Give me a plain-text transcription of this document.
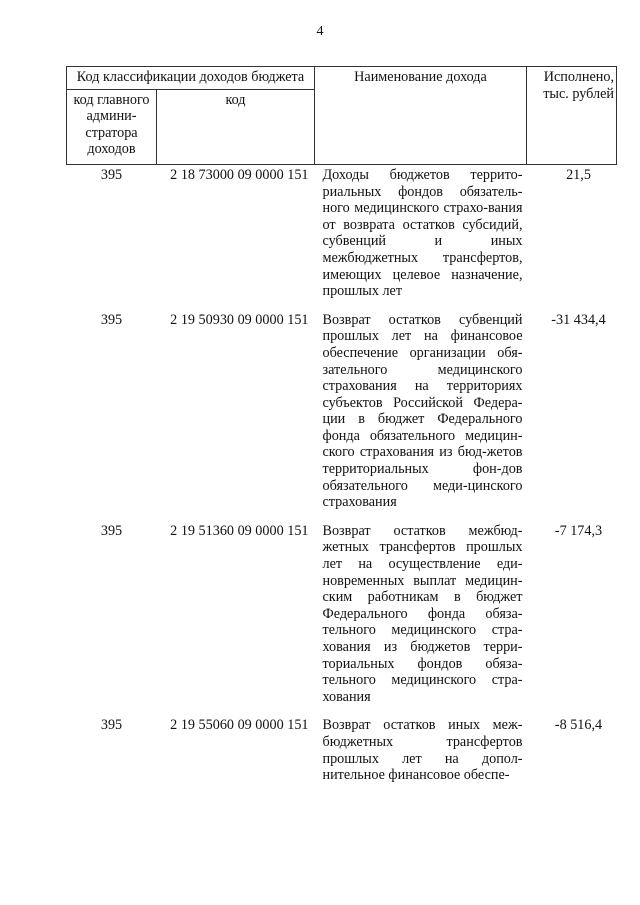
4
Код классификации доходов бюджета		Наименование дохода	Исполнено, тыс. рублей
код главного админи-стратора доходов	код		
395	2 18 73000 09 0000 151	Доходы бюджетов террито-риальных фондов обязатель-ного медицинского страхо-вания от возврата остатков субсидий, субвенций и иных межбюджетных трансфертов, имеющих целевое назначение, прошлых лет	21,5
395	2 19 50930 09 0000 151	Возврат остатков субвенций прошлых лет на финансовое обеспечение организации обя-зательного медицинского страхования на территориях субъектов Российской Федера-ции в бюджет Федерального фонда обязательного медицин-ского страхования из бюд-жетов территориальных фон-дов обязательного меди-цинского страхования	-31 434,4
395	2 19 51360 09 0000 151	Возврат остатков межбюд-жетных трансфертов прошлых лет на осуществление еди-новременных выплат медицин-ским работникам в бюджет Федерального фонда обяза-тельного медицинского стра-хования из бюджетов терри-ториальных фондов обяза-тельного медицинского стра-хования	-7 174,3
395	2 19 55060 09 0000 151	Возврат остатков иных меж-бюджетных трансфертов прошлых лет на допол-нительное финансовое обеспе-	-8 516,4
